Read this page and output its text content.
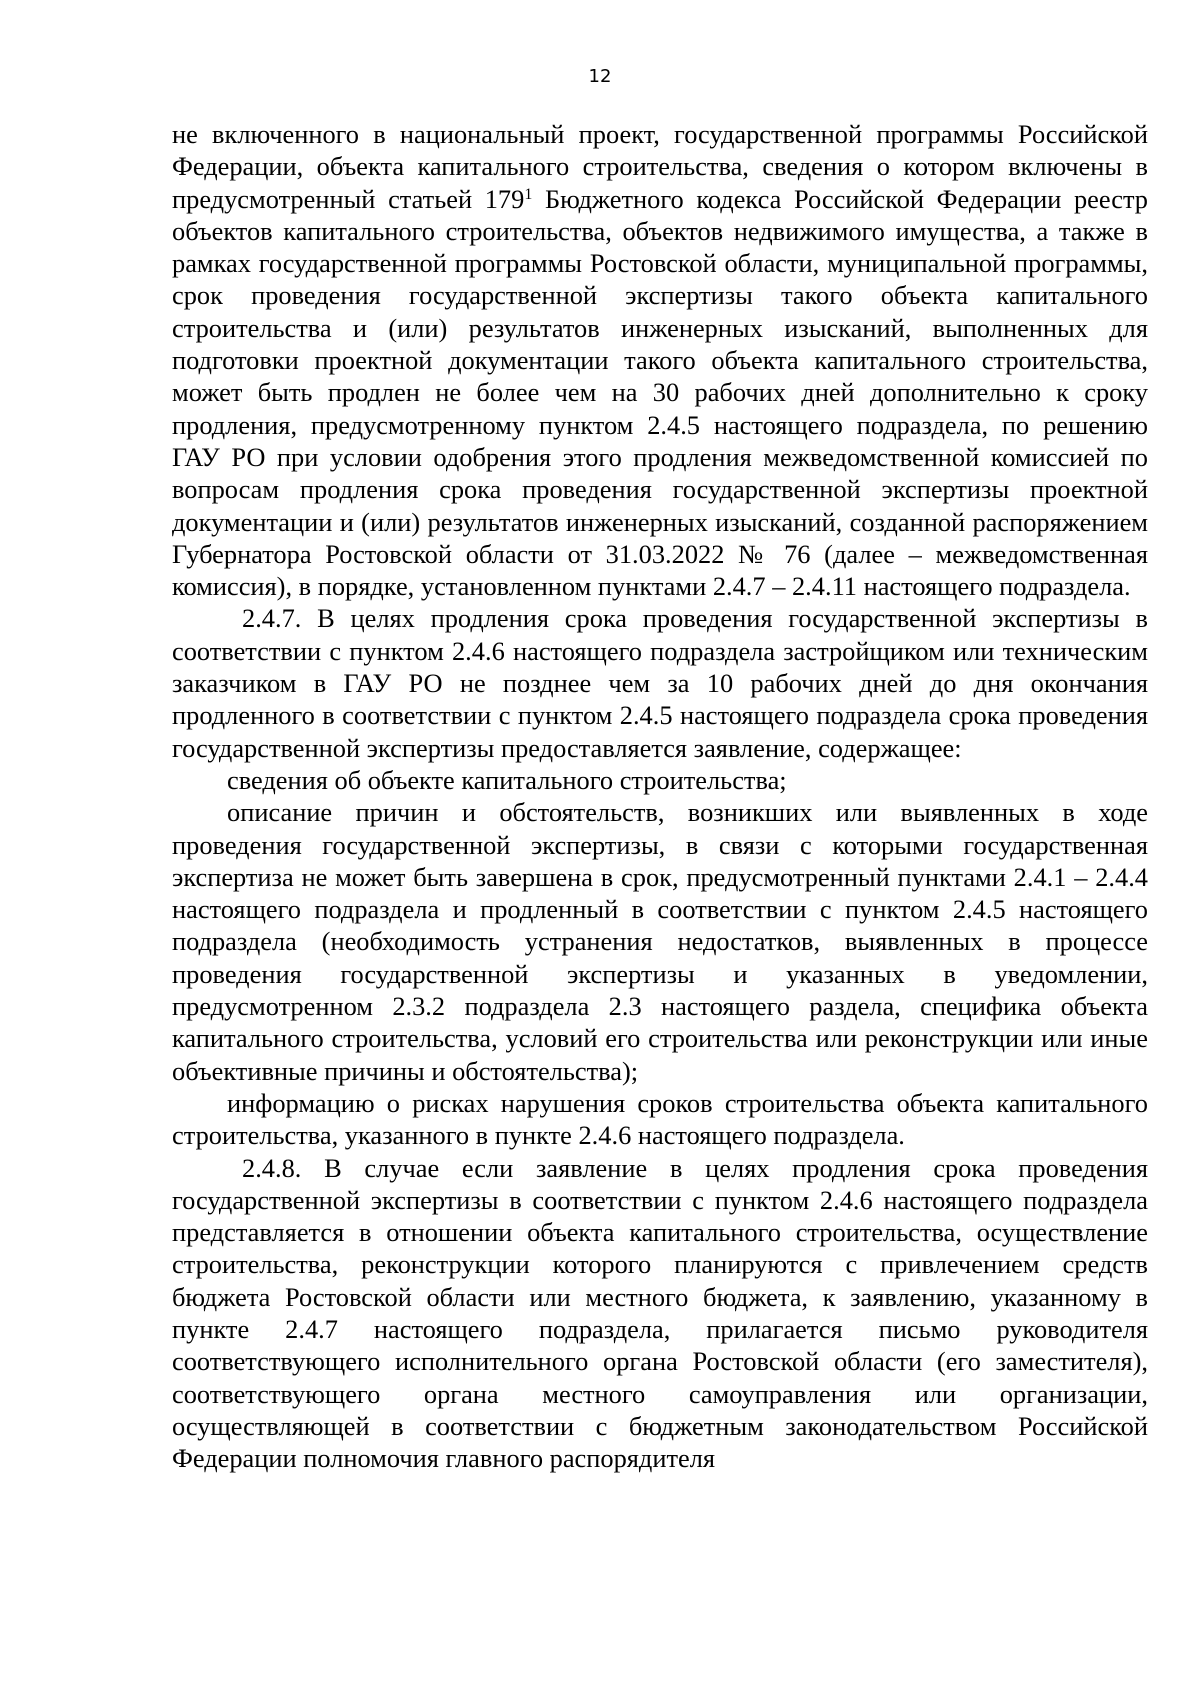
12

не включенного в национальный проект, государственной программы Российской Федерации, объекта капитального строительства, сведения о котором включены в предусмотренный статьей $179^1$ Бюджетного кодекса Российской Федерации реестр объектов капитального строительства, объектов недвижимого имущества, а также в рамках государственной программы Ростовской области, муниципальной программы, срок проведения государственной экспертизы такого объекта капитального строительства и (или) результатов инженерных изысканий, выполненных для подготовки проектной документации такого объекта капитального строительства, может быть продлен не более чем на 30 рабочих дней дополнительно к сроку продления, предусмотренному пунктом 2.4.5 настоящего подраздела, по решению ГАУ РО при условии одобрения этого продления межведомственной комиссией по вопросам продления срока проведения государственной экспертизы проектной документации и (или) результатов инженерных изысканий, созданной распоряжением Губернатора Ростовской области от 31.03.2022 № 76 (далее – межведомственная комиссия), в порядке, установленном пунктами 2.4.7 – 2.4.11 настоящего подраздела.

2.4.7. В целях продления срока проведения государственной экспертизы в соответствии с пунктом 2.4.6 настоящего подраздела застройщиком или техническим заказчиком в ГАУ РО не позднее чем за 10 рабочих дней до дня окончания продленного в соответствии с пунктом 2.4.5 настоящего подраздела срока проведения государственной экспертизы предоставляется заявление, содержащее:

сведения об объекте капитального строительства;

описание причин и обстоятельств, возникших или выявленных в ходе проведения государственной экспертизы, в связи с которыми государственная экспертиза не может быть завершена в срок, предусмотренный пунктами 2.4.1 – 2.4.4 настоящего подраздела и продленный в соответствии с пунктом 2.4.5 настоящего подраздела (необходимость устранения недостатков, выявленных в процессе проведения государственной экспертизы и указанных в уведомлении, предусмотренном 2.3.2 подраздела 2.3 настоящего раздела, специфика объекта капитального строительства, условий его строительства или реконструкции или иные объективные причины и обстоятельства);

информацию о рисках нарушения сроков строительства объекта капитального строительства, указанного в пункте 2.4.6 настоящего подраздела.

2.4.8. В случае если заявление в целях продления срока проведения государственной экспертизы в соответствии с пунктом 2.4.6 настоящего подраздела представляется в отношении объекта капитального строительства, осуществление строительства, реконструкции которого планируются с привлечением средств бюджета Ростовской области или местного бюджета, к заявлению, указанному в пункте 2.4.7 настоящего подраздела, прилагается письмо руководителя соответствующего исполнительного органа Ростовской области (его заместителя), соответствующего органа местного самоуправления или организации, осуществляющей в соответствии с бюджетным законодательством Российской Федерации полномочия главного распорядителя
